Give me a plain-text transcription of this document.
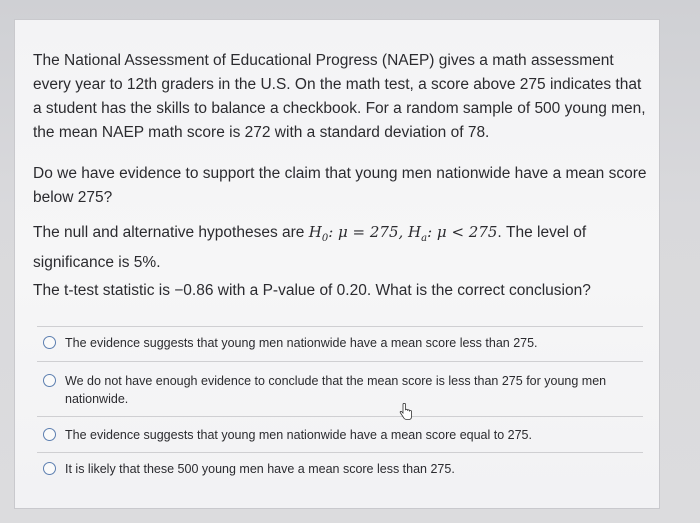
The National Assessment of Educational Progress (NAEP) gives a math assessment every year to 12th graders in the U.S. On the math test, a score above 275 indicates that a student has the skills to balance a checkbook. For a random sample of 500 young men, the mean NAEP math score is 272 with a standard deviation of 78.

Do we have evidence to support the claim that young men nationwide have a mean score below 275?

The null and alternative hypotheses are $H_0$: μ = 275, $H_a$: μ < 275. The level of significance is 5%.

The t-test statistic is −0.86 with a P-value of 0.20. What is the correct conclusion?

The evidence suggests that young men nationwide have a mean score less than 275.
We do not have enough evidence to conclude that the mean score is less than 275 for young men nationwide.
The evidence suggests that young men nationwide have a mean score equal to 275.
It is likely that these 500 young men have a mean score less than 275.
